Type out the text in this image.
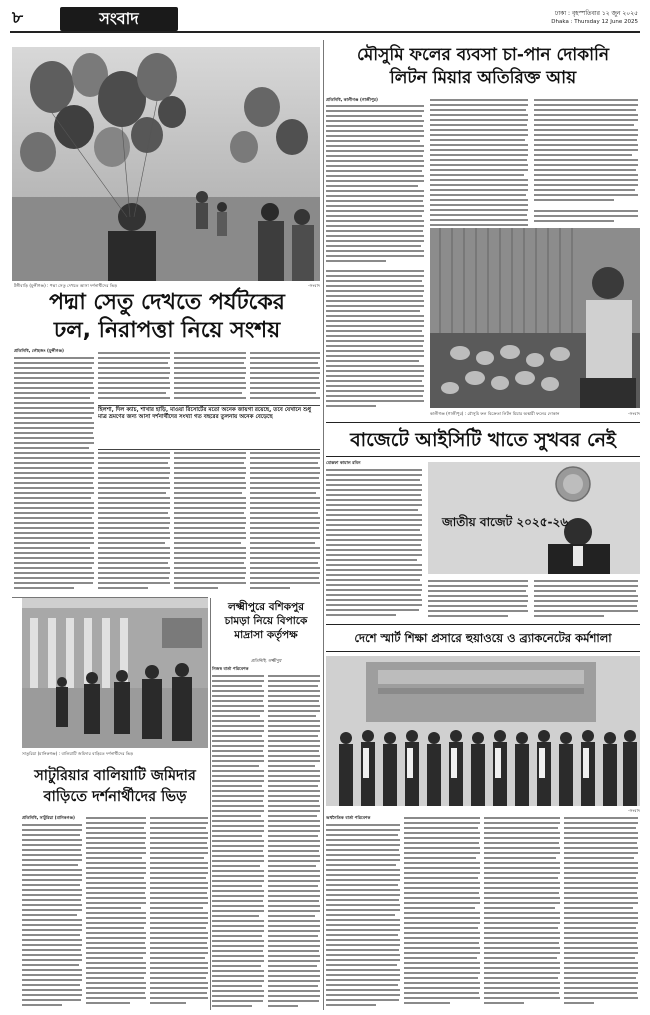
৮	সংবাদ	ঢাকা : বৃহস্পতিবার ১২ জুন ২০২৫
Dhaka : Thursday 12 June 2025
টঙ্গীবাড়ি (মুন্সীগঞ্জ) : পদ্মা সেতু দেখতে আসা দর্শনার্থীদের ভিড়	-সংবাদ
মৌসুমি ফলের ব্যবসা চা-পান দোকানি
লিটন মিয়ার অতিরিক্ত আয়
প্রতিনিধি, কালীগঞ্জ (গাজীপুর)
কালীগঞ্জ (গাজীপুর) : মৌসুমি ফল বিক্রেতা লিটন মিয়ার অস্থায়ী ফলের দোকান	-সংবাদ
পদ্মা সেতু দেখতে পর্যটকের
ঢল, নিরাপত্তা নিয়ে সংশয়
প্রতিনিধি, লৌহজং (মুন্সীগঞ্জ)
হিলশা, দিল ক্যাচ, শাখার হাড়ি, মাওয়া রিসোর্টের মতো অনেক জায়গা রয়েছে, তবে যেখানে শুধু মাত্র ভ্রমণের জন্য আসা দর্শনার্থীদের সংখ্যা গত বছরের তুলনায় অনেক বেড়েছে
বাজেটে আইসিটি খাতে সুখবর নেই
মোস্তফা কামাল রবিন
জাতীয় বাজেট ২০২৫-২৬
লক্ষ্মীপুরে বশিকপুর
চামড়া নিয়ে বিপাকে
মাদ্রাসা কর্তৃপক্ষ
প্রতিনিধি, লক্ষ্মীপুর
নিজস্ব বার্তা পরিবেশক
সাতুরিয়া (মানিকগঞ্জ) : বালিয়াটি জমিদার বাড়িতে দর্শনার্থীদের ভিড়
সাটুরিয়ার বালিয়াটি জমিদার
বাড়িতে দর্শনার্থীদের ভিড়
প্রতিনিধি, সাটুরিয়া (মানিকগঞ্জ)
দেশে স্মার্ট শিক্ষা প্রসারে হুয়াওয়ে ও ব্র্যাকনেটের কর্মশালা
-সংবাদ
অর্থনৈতিক বার্তা পরিবেশক
